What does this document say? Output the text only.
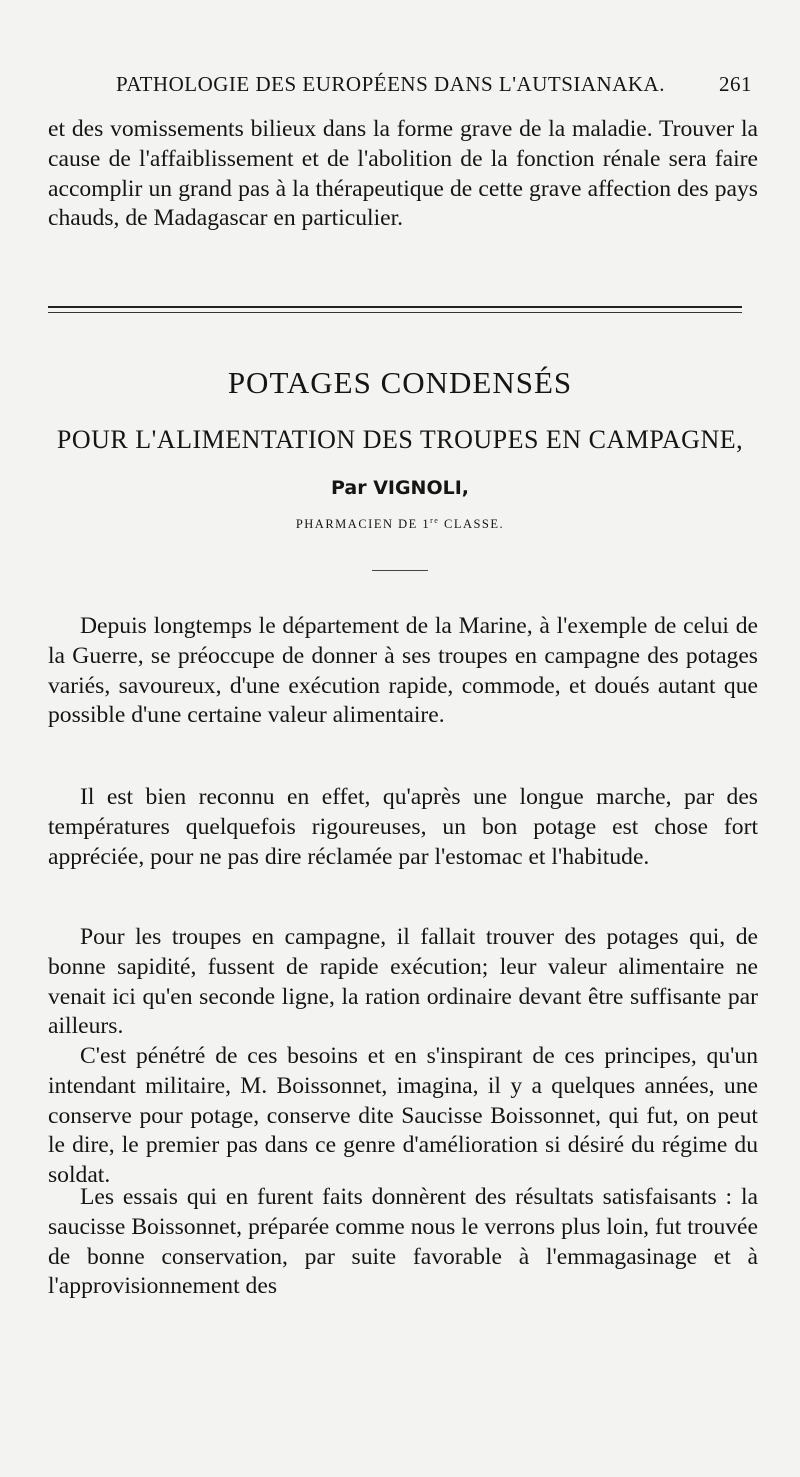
PATHOLOGIE DES EUROPÉENS DANS L'AUTSIANAKA.	261

et des vomissements bilieux dans la forme grave de la maladie. Trouver la cause de l'affaiblissement et de l'abolition de la fonction rénale sera faire accomplir un grand pas à la thérapeutique de cette grave affection des pays chauds, de Madagascar en particulier.

POTAGES CONDENSÉS
POUR L'ALIMENTATION DES TROUPES EN CAMPAGNE,
Par VIGNOLI,
PHARMACIEN DE 1re CLASSE.

Depuis longtemps le département de la Marine, à l'exemple de celui de la Guerre, se préoccupe de donner à ses troupes en campagne des potages variés, savoureux, d'une exécution rapide, commode, et doués autant que possible d'une certaine valeur alimentaire.

Il est bien reconnu en effet, qu'après une longue marche, par des températures quelquefois rigoureuses, un bon potage est chose fort appréciée, pour ne pas dire réclamée par l'estomac et l'habitude.

Pour les troupes en campagne, il fallait trouver des potages qui, de bonne sapidité, fussent de rapide exécution; leur valeur alimentaire ne venait ici qu'en seconde ligne, la ration ordinaire devant être suffisante par ailleurs.

C'est pénétré de ces besoins et en s'inspirant de ces principes, qu'un intendant militaire, M. Boissonnet, imagina, il y a quelques années, une conserve pour potage, conserve dite Saucisse Boissonnet, qui fut, on peut le dire, le premier pas dans ce genre d'amélioration si désiré du régime du soldat.

Les essais qui en furent faits donnèrent des résultats satisfaisants : la saucisse Boissonnet, préparée comme nous le verrons plus loin, fut trouvée de bonne conservation, par suite favorable à l'emmagasinage et à l'approvisionnement des
